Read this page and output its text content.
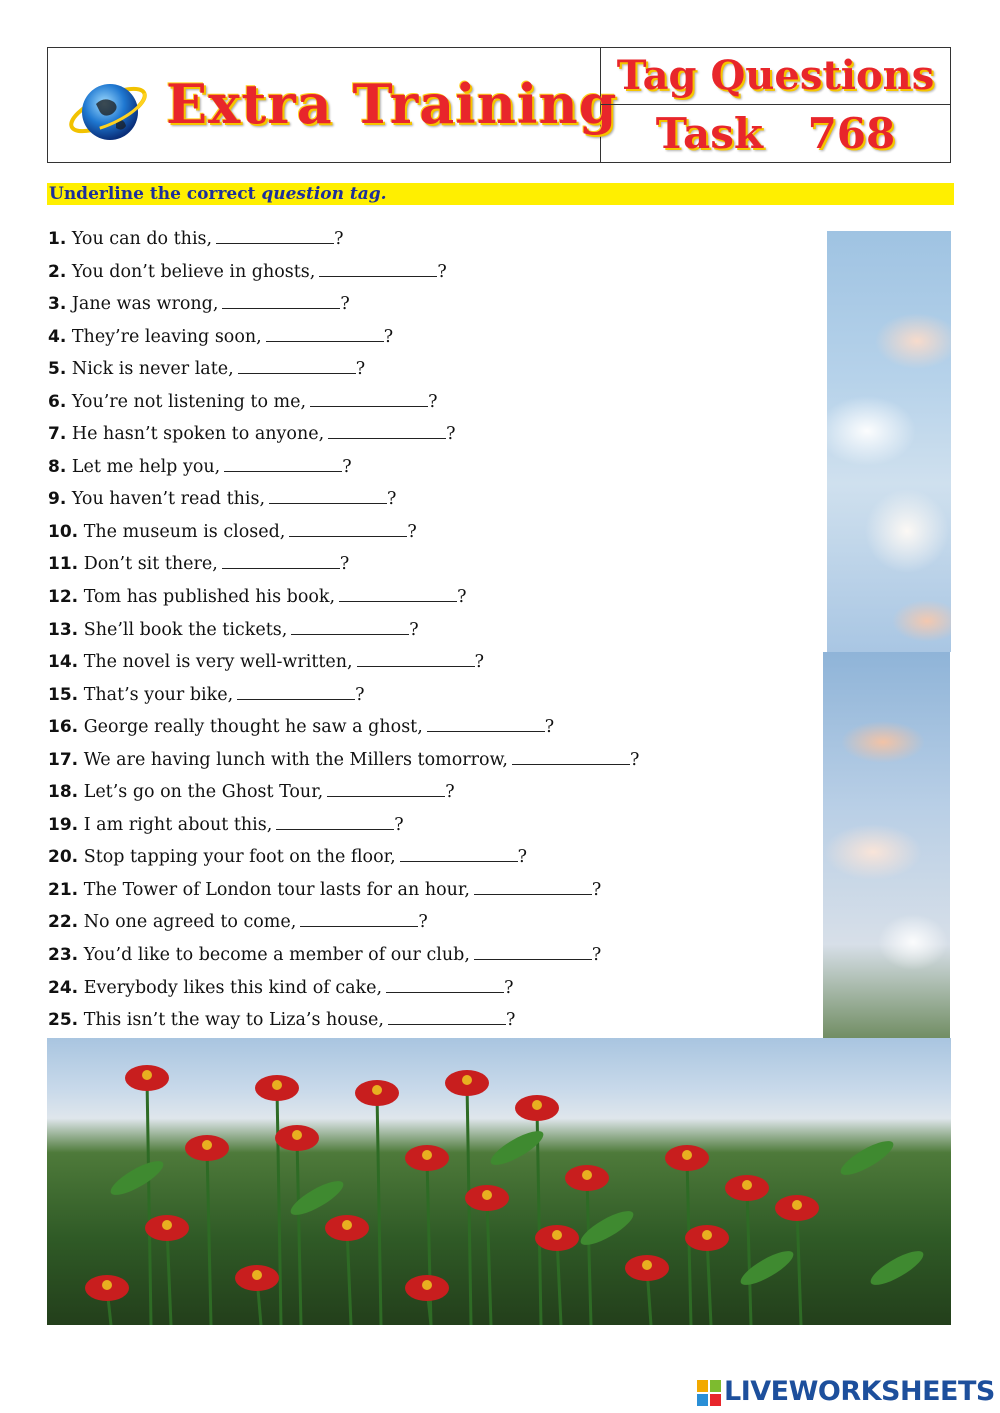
Extra Training Tag Questions
Task 768
Underline the correct question tag.
1. You can do this,	?
2. You don’t believe in ghosts,	?
3. Jane was wrong,	?
4. They’re leaving soon,	?
5. Nick is never late,	?
6. You’re not listening to me,	?
7. He hasn’t spoken to anyone,	?
8. Let me help you,	?
9. You haven’t read this,	?
10. The museum is closed,	?
11. Don’t sit there,	?
12. Tom has published his book,	?
13. She’ll book the tickets,	?
14. The novel is very well-written,	?
15. That’s your bike,	?
16. George really thought he saw a ghost,	?
17. We are having lunch with the Millers tomorrow,	?
18. Let’s go on the Ghost Tour,	?
19. I am right about this,	?
20. Stop tapping your foot on the floor,	?
21. The Tower of London tour lasts for an hour,	?
22. No one agreed to come,	?
23. You’d like to become a member of our club,	?
24. Everybody likes this kind of cake,	?
25. This isn’t the way to Liza’s house,	?
LIVEWORKSHEETS
